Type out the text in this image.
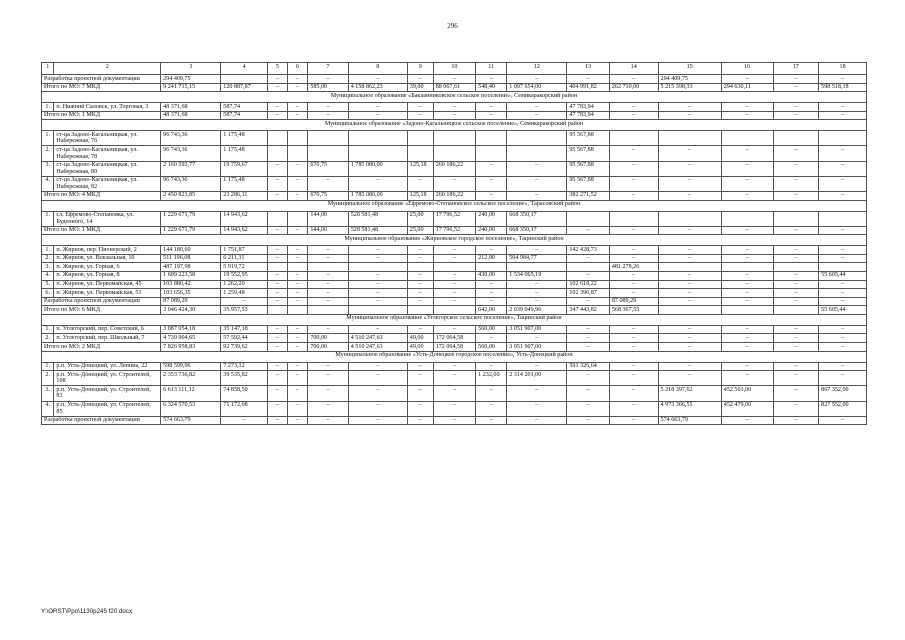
296
1	2	3	4	5	6	7	8	9	10	11	12	13	14	15	16	17	18
Разработка проектной документации		294 409,75		–	–	–	–	–	–	–	–	–	–	294 409,75	–	–	–
Итого по МО: 7 МКД		9 241 715,15	120 887,87	–	–	585,00	4 158 862,23	39,00	88 067,61	548,40	1 097 654,00	404 991,82	262 710,00	5 215 398,33	294 630,11	–	598 518,18
Муниципальное образование «Бакланниковское сельское поселение», Семикаракорский район																	
1.	п. Нижний Саловск, ул. Торговая, 3	48 371,68	587,74	–	–	–	–	–	–	–	–	47 783,94	–	–	–	–	–
Итого по МО: 1 МКД		48 371,68	587,74	–	–	–	–	–	–	–	–	47 783,94	–	–	–	–	–
Муниципальное образование «Задоно-Кагальницкое сельское поселение», Семикаракорский район																	
1.	ст-ца Задоно-Кагальницкая, ул. Набережная, 76	96 743,36	1 175,48									95 567,88					
2.	ст-ца Задоно-Кагальницкая, ул. Набережная, 78	96 743,36	1 175,48									95 567,88	–	–	–	–	–
3.	ст-ца Задоно-Кагальницкая, ул. Набережная, 80	2 160 593,77	19 759,67	–	–	670,75	1 785 080,00	125,18	260 186,22	–	–	95 567,88	–	–	–	–	–
4.	ст-ца Задоно-Кагальницкая, ул. Набережная, 82	96 743,36	1 175,48	–	–	–	–	–	–	–	–	95 567,88	–	–	–	–	–
Итого по МО: 4 МКД		2 450 823,85	23 286,11	–	–	670,75	1 785 080,00	125,18	260 186,22	–	–	382 271,52	–	–	–	–	–
Муниципальное образование «Ефремово-Степановское сельское поселение», Тарасовский район																	
1.	сл. Ефремово-Степановка, ул. Буденного, 14	1 229 671,79	14 943,62			144,00	528 581,48	25,00	17 796,52	240,00	668 350,17						
Итого по МО: 1 МКД		1 229 671,79	14 943,62	–	–	144,00	528 581,48	25,00	17 796,52	240,00	668 350,17	–	–	–	–	–	–
Муниципальное образование «Жирновское городское поселение», Тацинский район																	
1.	п. Жирнов, пер. Пионерский, 2	144 180,60	1 751,87	–	–	–	–	–	–	–	–	142 428,73	–	–	–	–	–
2.	п. Жирнов, ул. Вокзальная, 10	511 196,08	6 211,31	–	–	–	–	–	–	212,00	504 984,77	–	–	–	–	–	–
3.	п. Жирнов, ул. Горная, 6	487 197,98	5 919,72										481 278,26				
4.	п. Жирнов, ул. Горная, 8	1 609 223,58	19 552,95	–	–	–	–	–	–	430,00	1 534 065,19	–	–	–	–	–	55 605,44
5.	п. Жирнов, ул. Первомайская, 45	103 880,42	1 262,20	–	–	–	–	–	–	–	–	102 618,22	–	–	–	–	–
6.	п. Жирнов, ул. Первомайская, 51	103 656,35	1 259,48	–	–	–	–	–	–	–	–	102 396,87	–	–	–	–	–
Разработка проектной документации		87 089,29	–	–	–	–	–	–	–	–	–	–	87 089,29	–	–	–	–
Итого по МО: 6 МКД		3 046 424,30	35 957,53							642,00	2 039 049,96	347 443,82	568 367,55				55 605,44
Муниципальное образование «Углегорское сельское поселение», Тацинский район																	
1.	п. Углегорский, пер. Советский, 6	3 087 054,18	35 147,18	–	–	–	–	–	–	560,00	3 051 907,00	–	–	–	–	–	–
2.	п. Углегорский, пер. Школьный, 7	4 739 904,65	57 592,44	–	–	700,00	4 510 247,63	49,00	172 064,58	–	–	–	–	–	–	–	–
Итого по МО: 2 МКД		7 826 958,83	92 739,62	–	–	700,00	4 510 247,63	49,00	172 064,58	560,00	3 051 907,00	–	–	–	–	–	–
Муниципальное образование «Усть-Донецкое городское поселение», Усть-Донецкий район																	
1.	р.п. Усть-Донецкий, ул. Ленина, 22	598 599,96	7 273,32	–	–	–	–	–	–	–	–	591 326,64	–	–	–	–	–
2.	р.п. Усть-Донецкий, ул. Строителей, 108	2 353 736,82	39 535,82	–	–	–	–	–	–	1 232,00	2 314 201,00	–	–	–	–	–	–
3.	р.п. Усть-Донецкий, ул. Строителей, 83	6 613 111,12	74 858,50	–	–	–	–	–	–	–	–	–	–	5 218 397,62	452 503,00	–	867 352,00
4.	р.п. Усть-Донецкий, ул. Строителей, 85	6 324 570,53	71 172,08	–	–	–	–	–	–	–	–	–	–	4 973 366,55	452 479,00	–	827 552,00
Разработка проектной документации		574 663,79	–	–	–	–	–	–	–	–	–	–	–	574 663,79	–	–	–
Y:\ORST\Ppo\1130p245 f20.docx
